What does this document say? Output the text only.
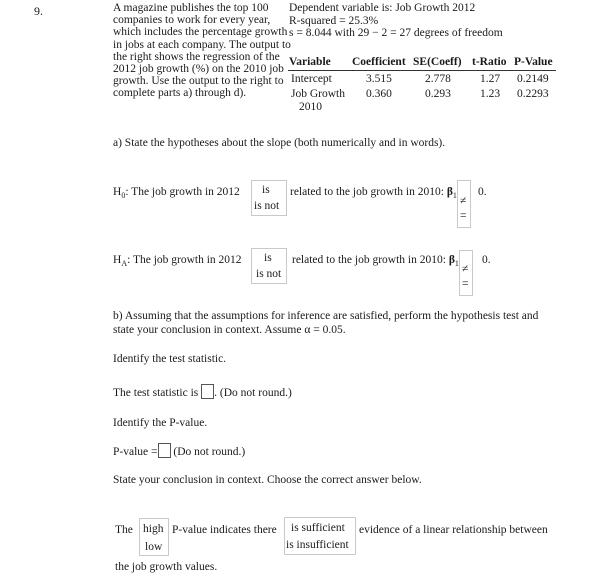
9.	A magazine publishes the top 100 companies to work for every year, which includes the percentage growth in jobs at each company. The output to the right shows the regression of the 2012 job growth (%) on the 2010 job growth. Use the output to the right to complete parts a) through d).
Dependent variable is: Job Growth 2012
R-squared = 25.3%
s = 8.044 with 29 − 2 = 27 degrees of freedom
Variable Coefficient SE(Coeff) t-Ratio P-Value
Intercept	3.515	2.778	1.27 0.2149
Job Growth
2010
0.360	0.293	1.23 0.2293
a) State the hypotheses about the slope (both numerically and in words).
$H_0$: The job growth in 2012 is
is not
related to the job growth in 2010: $\beta_1$ ≠
=
0.
$H_A$: The job growth in 2012 is
is not
related to the job growth in 2010: $\beta_1$ ≠
=
0.
b) Assuming that the assumptions for inference are satisfied, perform the hypothesis test and
state your conclusion in context. Assume α = 0.05.
Identify the test statistic.
The test statistic is . (Do not round.)
Identify the P-value.
P-value = (Do not round.)
State your conclusion in context. Choose the correct answer below.
The high
low
P-value indicates there is sufficient
is insufficient
evidence of a linear relationship between
the job growth values.
